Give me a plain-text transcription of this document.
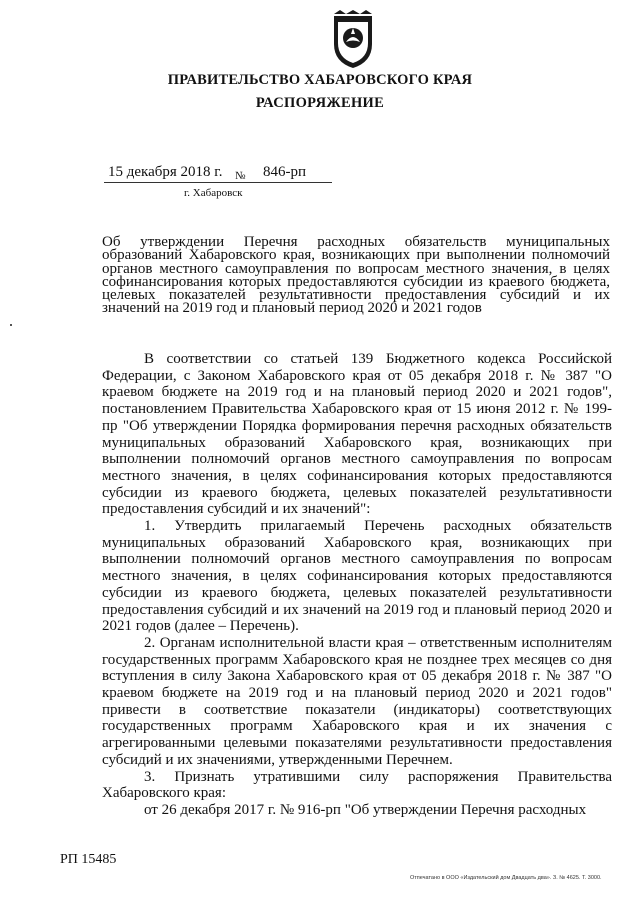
ПРАВИТЕЛЬСТВО ХАБАРОВСКОГО КРАЯ
РАСПОРЯЖЕНИЕ
15 декабря 2018 г. № 846-рп
г. Хабаровск
Об утверждении Перечня расходных обязательств муниципальных образований Хабаровского края, возникающих при выполнении полномочий органов местного самоуправления по вопросам местного значения, в целях софинансирования которых предоставляются субсидии из краевого бюджета, целевых показателей результативности предоставления субсидий и их значений на 2019 год и плановый период 2020 и 2021 годов

В соответствии со статьей 139 Бюджетного кодекса Российской Федерации, с Законом Хабаровского края от 05 декабря 2018 г. № 387 "О краевом бюджете на 2019 год и на плановый период 2020 и 2021 годов", постановлением Правительства Хабаровского края от 15 июня 2012 г. № 199-пр "Об утверждении Порядка формирования перечня расходных обязательств муниципальных образований Хабаровского края, возникающих при выполнении полномочий органов местного самоуправления по вопросам местного значения, в целях софинансирования которых предоставляются субсидии из краевого бюджета, целевых показателей результативности предоставления субсидий и их значений":

1. Утвердить прилагаемый Перечень расходных обязательств муниципальных образований Хабаровского края, возникающих при выполнении полномочий органов местного самоуправления по вопросам местного значения, в целях софинансирования которых предоставляются субсидии из краевого бюджета, целевых показателей результативности предоставления субсидий и их значений на 2019 год и плановый период 2020 и 2021 годов (далее – Перечень).

2. Органам исполнительной власти края – ответственным исполнителям государственных программ Хабаровского края не позднее трех месяцев со дня вступления в силу Закона Хабаровского края от 05 декабря 2018 г. № 387 "О краевом бюджете на 2019 год и на плановый период 2020 и 2021 годов" привести в соответствие показатели (индикаторы) соответствующих государственных программ Хабаровского края и их значения с агрегированными целевыми показателями результативности предоставления субсидий и их значениями, утвержденными Перечнем.

3. Признать утратившими силу распоряжения Правительства Хабаровского края:

от 26 декабря 2017 г. № 916-рп "Об утверждении Перечня расходных

РП 15485
Отпечатано в ООО «Издательский дом Двадцать два». З. № 4625. Т. 3000.
